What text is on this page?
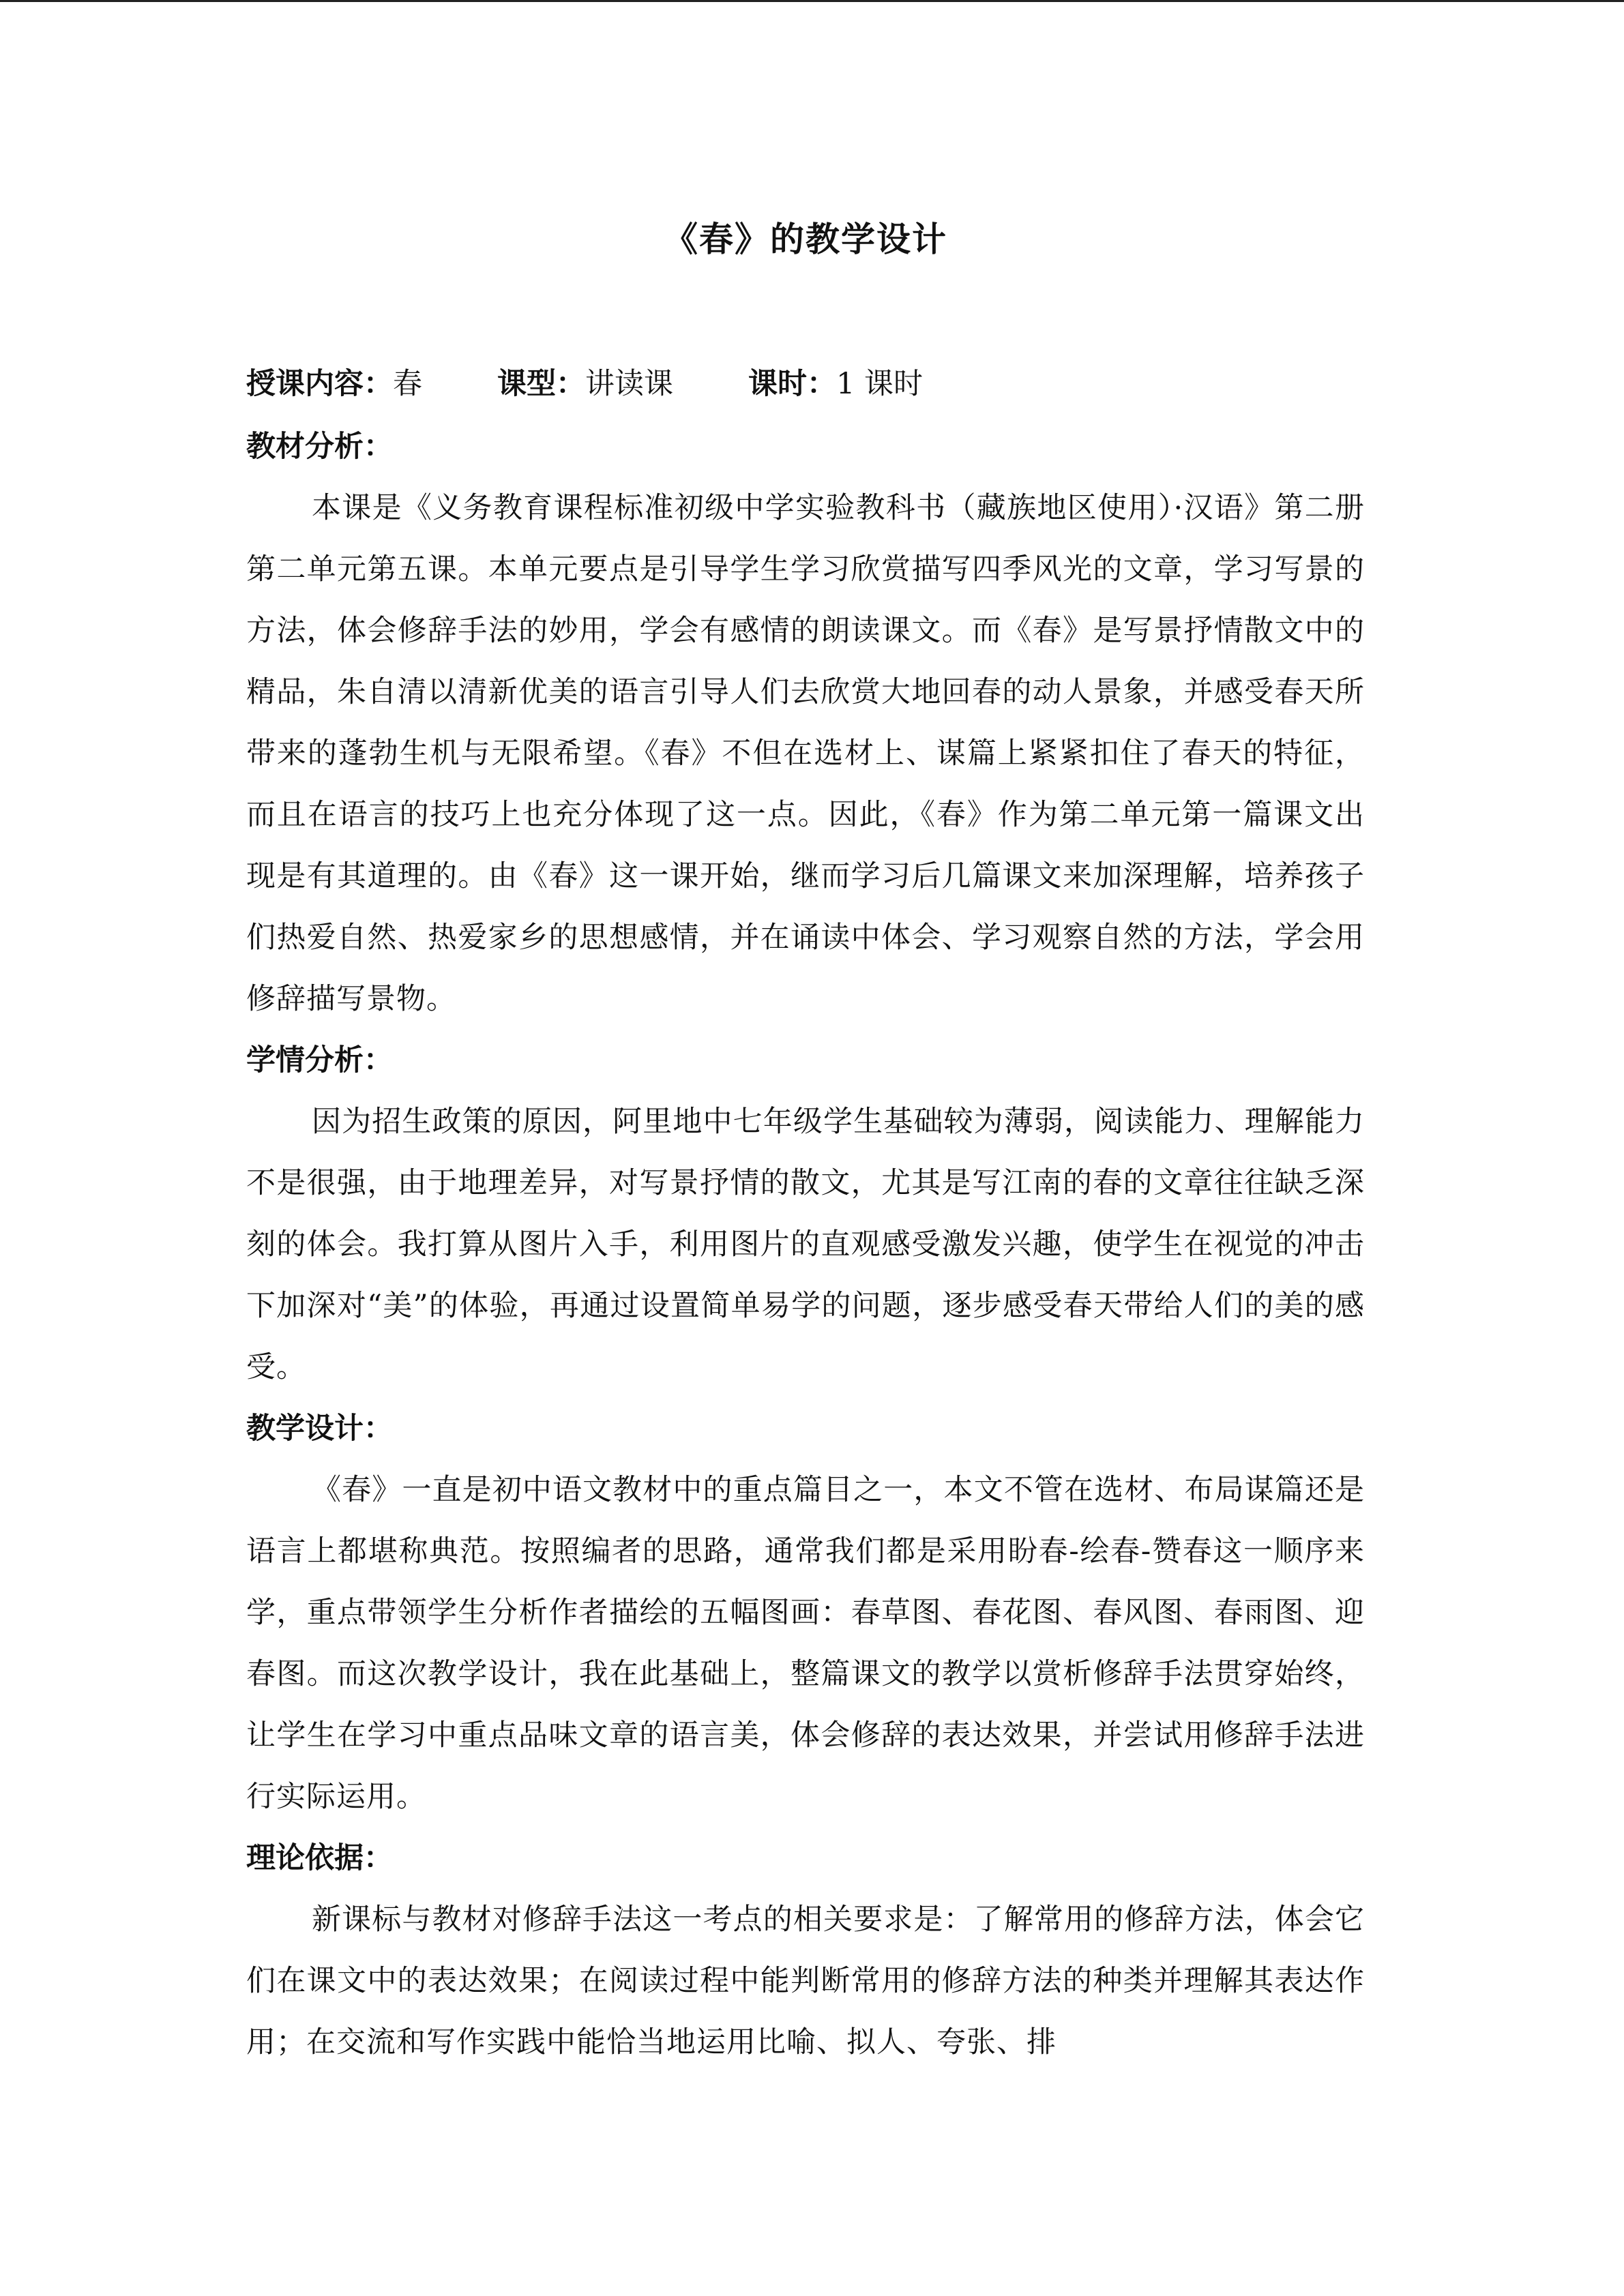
《春》的教学设计
授课内容：春	课型：讲读课	课时：1 课时
教材分析：

本课是《义务教育课程标准初级中学实验教科书（藏族地区使用）·汉语》第二册第二单元第五课。本单元要点是引导学生学习欣赏描写四季风光的文章，学习写景的方法，体会修辞手法的妙用，学会有感情的朗读课文。而《春》是写景抒情散文中的精品，朱自清以清新优美的语言引导人们去欣赏大地回春的动人景象，并感受春天所带来的蓬勃生机与无限希望。《春》不但在选材上、谋篇上紧紧扣住了春天的特征，而且在语言的技巧上也充分体现了这一点。因此，《春》作为第二单元第一篇课文出现是有其道理的。由《春》这一课开始，继而学习后几篇课文来加深理解，培养孩子们热爱自然、热爱家乡的思想感情，并在诵读中体会、学习观察自然的方法，学会用修辞描写景物。

学情分析：

因为招生政策的原因，阿里地中七年级学生基础较为薄弱，阅读能力、理解能力不是很强，由于地理差异，对写景抒情的散文，尤其是写江南的春的文章往往缺乏深刻的体会。我打算从图片入手，利用图片的直观感受激发兴趣，使学生在视觉的冲击下加深对“美”的体验，再通过设置简单易学的问题，逐步感受春天带给人们的美的感受。

教学设计：

《春》一直是初中语文教材中的重点篇目之一，本文不管在选材、布局谋篇还是语言上都堪称典范。按照编者的思路，通常我们都是采用盼春-绘春-赞春这一顺序来学，重点带领学生分析作者描绘的五幅图画：春草图、春花图、春风图、春雨图、迎春图。而这次教学设计，我在此基础上，整篇课文的教学以赏析修辞手法贯穿始终，让学生在学习中重点品味文章的语言美，体会修辞的表达效果，并尝试用修辞手法进行实际运用。

理论依据：

新课标与教材对修辞手法这一考点的相关要求是：了解常用的修辞方法，体会它们在课文中的表达效果；在阅读过程中能判断常用的修辞方法的种类并理解其表达作用；在交流和写作实践中能恰当地运用比喻、拟人、夸张、排
